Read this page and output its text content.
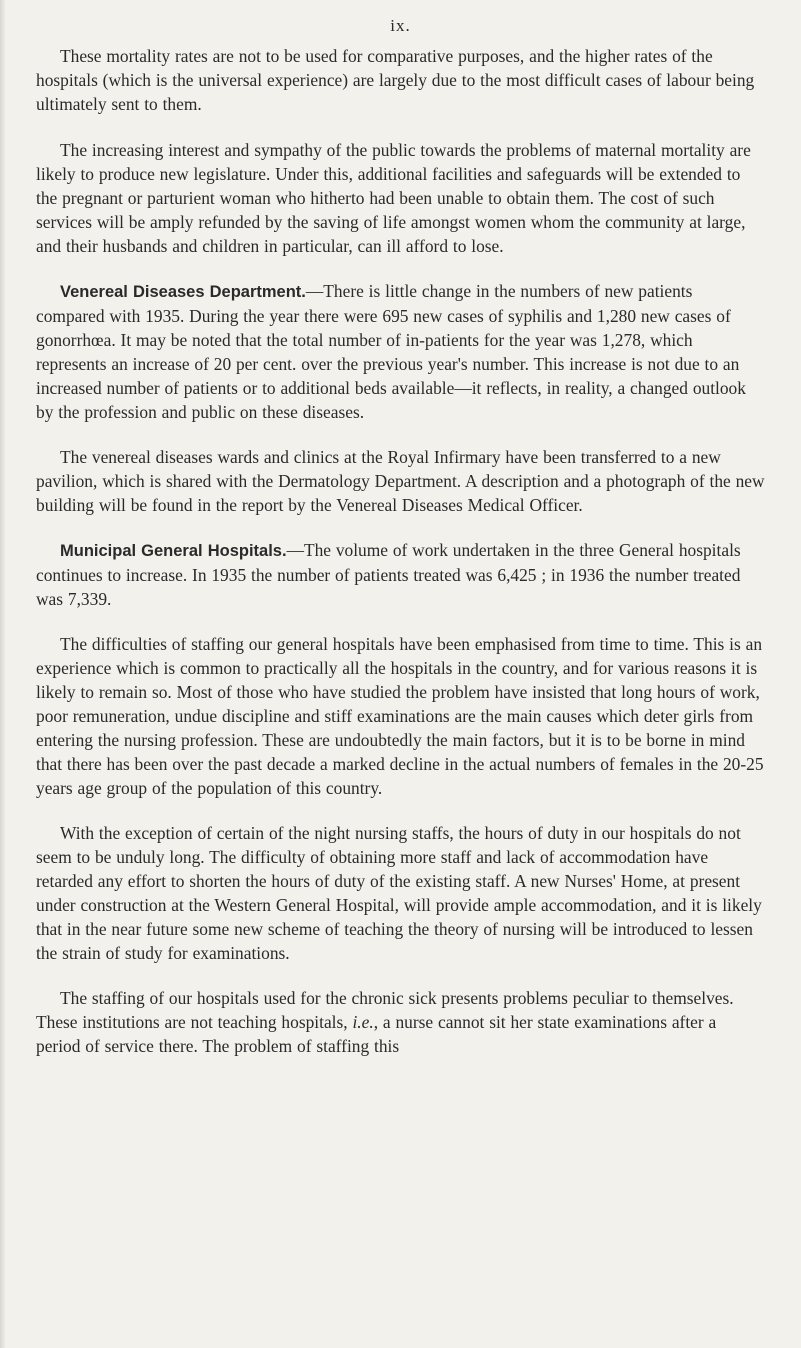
ix.

These mortality rates are not to be used for comparative purposes, and the higher rates of the hospitals (which is the universal experience) are largely due to the most difficult cases of labour being ultimately sent to them.

The increasing interest and sympathy of the public towards the problems of maternal mortality are likely to produce new legislature. Under this, additional facilities and safeguards will be extended to the pregnant or parturient woman who hitherto had been unable to obtain them. The cost of such services will be amply refunded by the saving of life amongst women whom the community at large, and their husbands and children in particular, can ill afford to lose.

Venereal Diseases Department.—There is little change in the numbers of new patients compared with 1935. During the year there were 695 new cases of syphilis and 1,280 new cases of gonorrhœa. It may be noted that the total number of in-patients for the year was 1,278, which represents an increase of 20 per cent. over the previous year's number. This increase is not due to an increased number of patients or to additional beds available—it reflects, in reality, a changed outlook by the profession and public on these diseases.

The venereal diseases wards and clinics at the Royal Infirmary have been transferred to a new pavilion, which is shared with the Dermatology Department. A description and a photograph of the new building will be found in the report by the Venereal Diseases Medical Officer.

Municipal General Hospitals.—The volume of work undertaken in the three General hospitals continues to increase. In 1935 the number of patients treated was 6,425 ; in 1936 the number treated was 7,339.

The difficulties of staffing our general hospitals have been emphasised from time to time. This is an experience which is common to practically all the hospitals in the country, and for various reasons it is likely to remain so. Most of those who have studied the problem have insisted that long hours of work, poor remuneration, undue discipline and stiff examinations are the main causes which deter girls from entering the nursing profession. These are undoubtedly the main factors, but it is to be borne in mind that there has been over the past decade a marked decline in the actual numbers of females in the 20-25 years age group of the population of this country.

With the exception of certain of the night nursing staffs, the hours of duty in our hospitals do not seem to be unduly long. The difficulty of obtaining more staff and lack of accommodation have retarded any effort to shorten the hours of duty of the existing staff. A new Nurses' Home, at present under construction at the Western General Hospital, will provide ample accommodation, and it is likely that in the near future some new scheme of teaching the theory of nursing will be introduced to lessen the strain of study for examinations.

The staffing of our hospitals used for the chronic sick presents problems peculiar to themselves. These institutions are not teaching hospitals, i.e., a nurse cannot sit her state examinations after a period of service there. The problem of staffing this
